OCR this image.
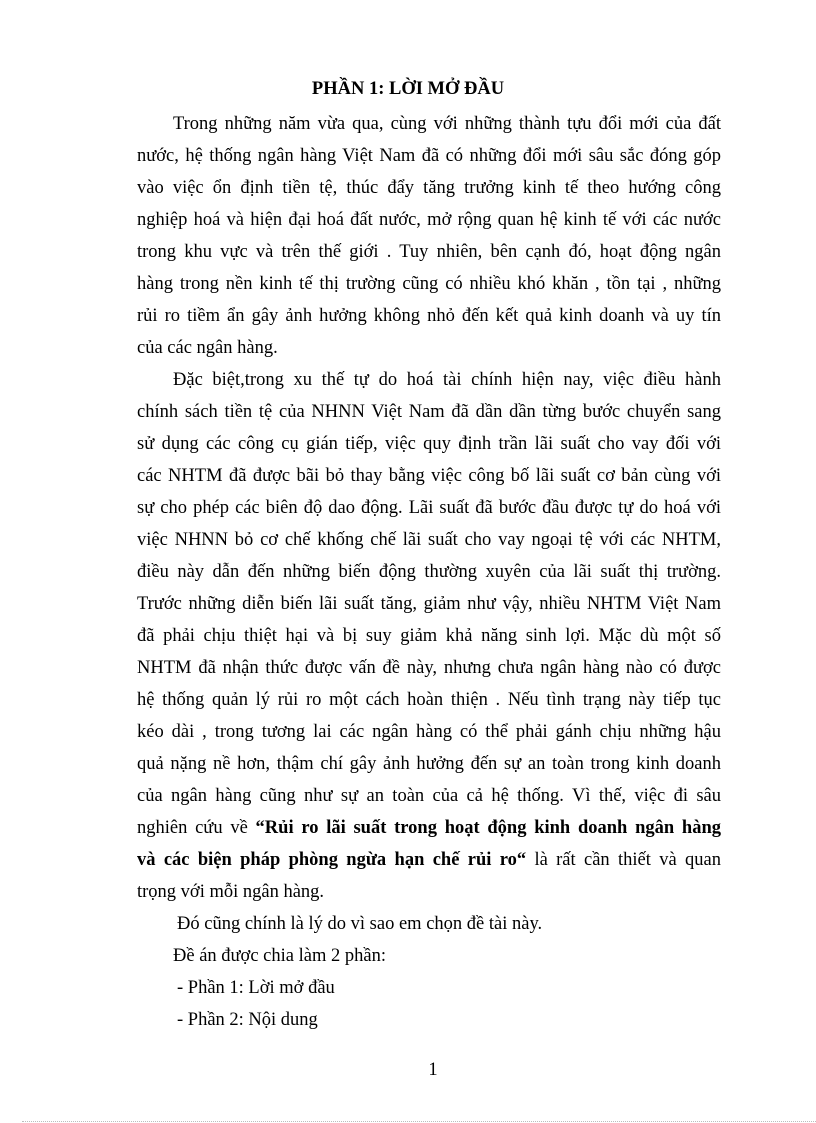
PHẦN 1: LỜI MỞ ĐẦU
Trong những năm vừa qua, cùng với những thành tựu đổi mới của đất
nước, hệ thống ngân hàng Việt Nam đã có những đổi mới sâu sắc đóng góp
vào việc ổn định tiền tệ, thúc đẩy tăng trưởng kinh tế theo hướng công
nghiệp hoá và hiện đại hoá đất nước, mở rộng quan hệ kinh tế với các nước
trong khu vực và trên thế giới . Tuy nhiên, bên cạnh đó, hoạt động ngân
hàng trong nền kinh tế thị trường cũng có nhiều khó khăn , tồn tại , những
rủi ro tiềm ẩn gây ảnh hưởng không nhỏ đến kết quả kinh doanh và uy tín
của các ngân hàng.
Đặc biệt,trong xu thế tự do hoá tài chính hiện nay, việc điều hành
chính sách tiền tệ của NHNN Việt Nam đã dần dần từng bước chuyển sang
sử dụng các công cụ gián tiếp, việc quy định trần lãi suất cho vay đối với
các NHTM đã được bãi bỏ thay bằng việc công bố lãi suất cơ bản cùng với
sự cho phép các biên độ dao động. Lãi suất đã bước đầu được tự do hoá với
việc NHNN bỏ cơ chế khống chế lãi suất cho vay ngoại tệ với các NHTM,
điều này dẫn đến những biến động thường xuyên của lãi suất thị trường.
Trước những diễn biến lãi suất tăng, giảm như vậy, nhiều NHTM Việt Nam
đã phải chịu thiệt hại và bị suy giảm khả năng sinh lợi. Mặc dù một số
NHTM đã nhận thức được vấn đề này, nhưng chưa ngân hàng nào có được
hệ thống quản lý rủi ro một cách hoàn thiện . Nếu tình trạng này tiếp tục
kéo dài , trong tương lai các ngân hàng có thể phải gánh chịu những hậu
quả nặng nề hơn, thậm chí gây ảnh hưởng đến sự an toàn trong kinh doanh
của ngân hàng cũng như sự an toàn của cả hệ thống. Vì thế, việc đi sâu
nghiên cứu về “Rủi ro lãi suất trong hoạt động kinh doanh ngân hàng
và các biện pháp phòng ngừa hạn chế rủi ro“ là rất cần thiết và quan
trọng với mỗi ngân hàng.

Đó cũng chính là lý do vì sao em chọn đề tài này.

Đề án được chia làm 2 phần:

- Phần 1: Lời mở đầu

- Phần 2: Nội dung

1
